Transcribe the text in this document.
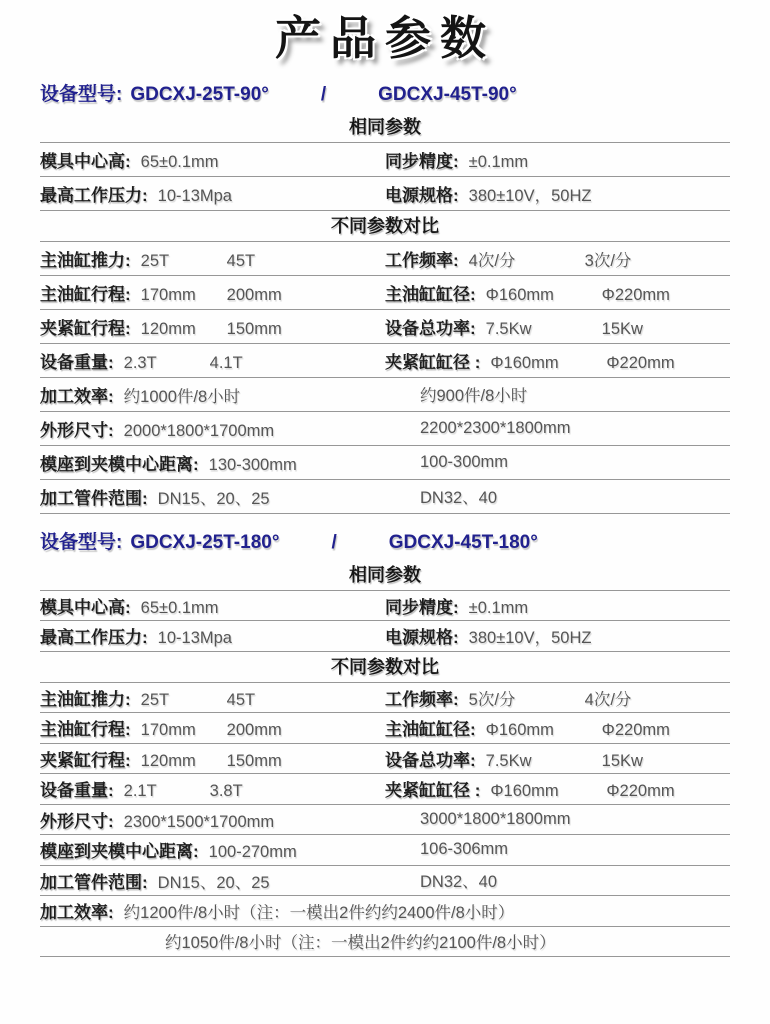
产品参数
设备型号: GDCXJ-25T-90°	/	GDCXJ-45T-90°
相同参数
模具中心高: 65±0.1mm	同步精度: ±0.1mm
最高工作压力: 10-13Mpa	电源规格: 380±10V，50HZ
不同参数对比
主油缸推力: 25T	45T	工作频率: 4次/分	3次/分
主油缸行程: 170mm 200mm	主油缸缸径: Φ160mm	Φ220mm
夹紧缸行程: 120mm 150mm	设备总功率: 7.5Kw	15Kw
设备重量: 2.3T	4.1T	夹紧缸缸径 : Φ160mm	Φ220mm
加工效率: 约1000件/8小时	约900件/8小时
外形尺寸: 2000*1800*1700mm	2200*2300*1800mm
模座到夹模中心距离: 130-300mm	100-300mm
加工管件范围: DN15、20、25	DN32、40
设备型号: GDCXJ-25T-180°	/	GDCXJ-45T-180°
相同参数
模具中心高: 65±0.1mm	同步精度: ±0.1mm
最高工作压力: 10-13Mpa	电源规格: 380±10V，50HZ
不同参数对比
主油缸推力: 25T	45T	工作频率: 5次/分	4次/分
主油缸行程: 170mm 200mm	主油缸缸径: Φ160mm	Φ220mm
夹紧缸行程: 120mm 150mm	设备总功率: 7.5Kw	15Kw
设备重量: 2.1T	3.8T	夹紧缸缸径 : Φ160mm	Φ220mm
外形尺寸: 2300*1500*1700mm	3000*1800*1800mm
模座到夹模中心距离: 100-270mm	106-306mm
加工管件范围: DN15、20、25	DN32、40
加工效率: 约1200件/8小时（注：一模出2件约约2400件/8小时）
约1050件/8小时（注：一模出2件约约2100件/8小时）
